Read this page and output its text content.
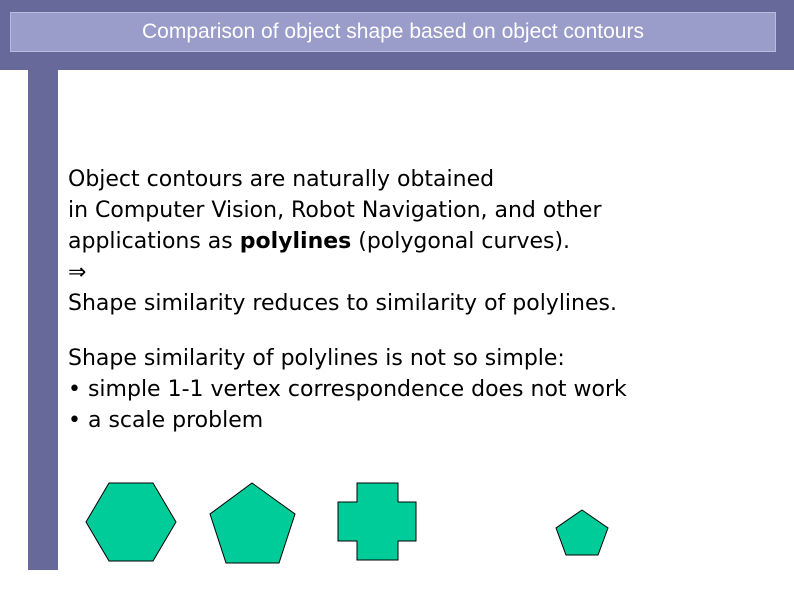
Comparison of object shape based on object contours
Object contours are naturally obtained
in Computer Vision, Robot Navigation, and other
applications as polylines (polygonal curves).
⇒
Shape similarity reduces to similarity of polylines.
Shape similarity of polylines is not so simple:
• simple 1-1 vertex correspondence does not work
• a scale problem
